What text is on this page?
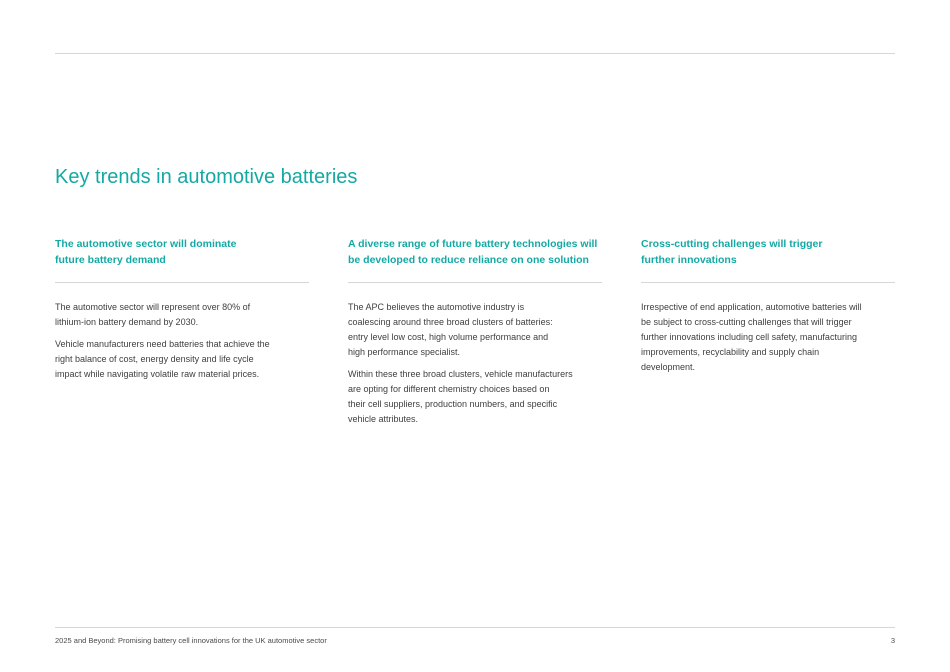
Key trends in automotive batteries
The automotive sector will dominate
future battery demand

The automotive sector will represent over 80% of
lithium-ion battery demand by 2030.

Vehicle manufacturers need batteries that achieve the
right balance of cost, energy density and life cycle
impact while navigating volatile raw material prices.

A diverse range of future battery technologies will
be developed to reduce reliance on one solution

The APC believes the automotive industry is
coalescing around three broad clusters of batteries:
entry level low cost, high volume performance and
high performance specialist.

Within these three broad clusters, vehicle manufacturers
are opting for different chemistry choices based on
their cell suppliers, production numbers, and specific
vehicle attributes.

Cross-cutting challenges will trigger
further innovations

Irrespective of end application, automotive batteries will
be subject to cross-cutting challenges that will trigger
further innovations including cell safety, manufacturing
improvements, recyclability and supply chain
development.

2025 and Beyond: Promising battery cell innovations for the UK automotive sector	3
